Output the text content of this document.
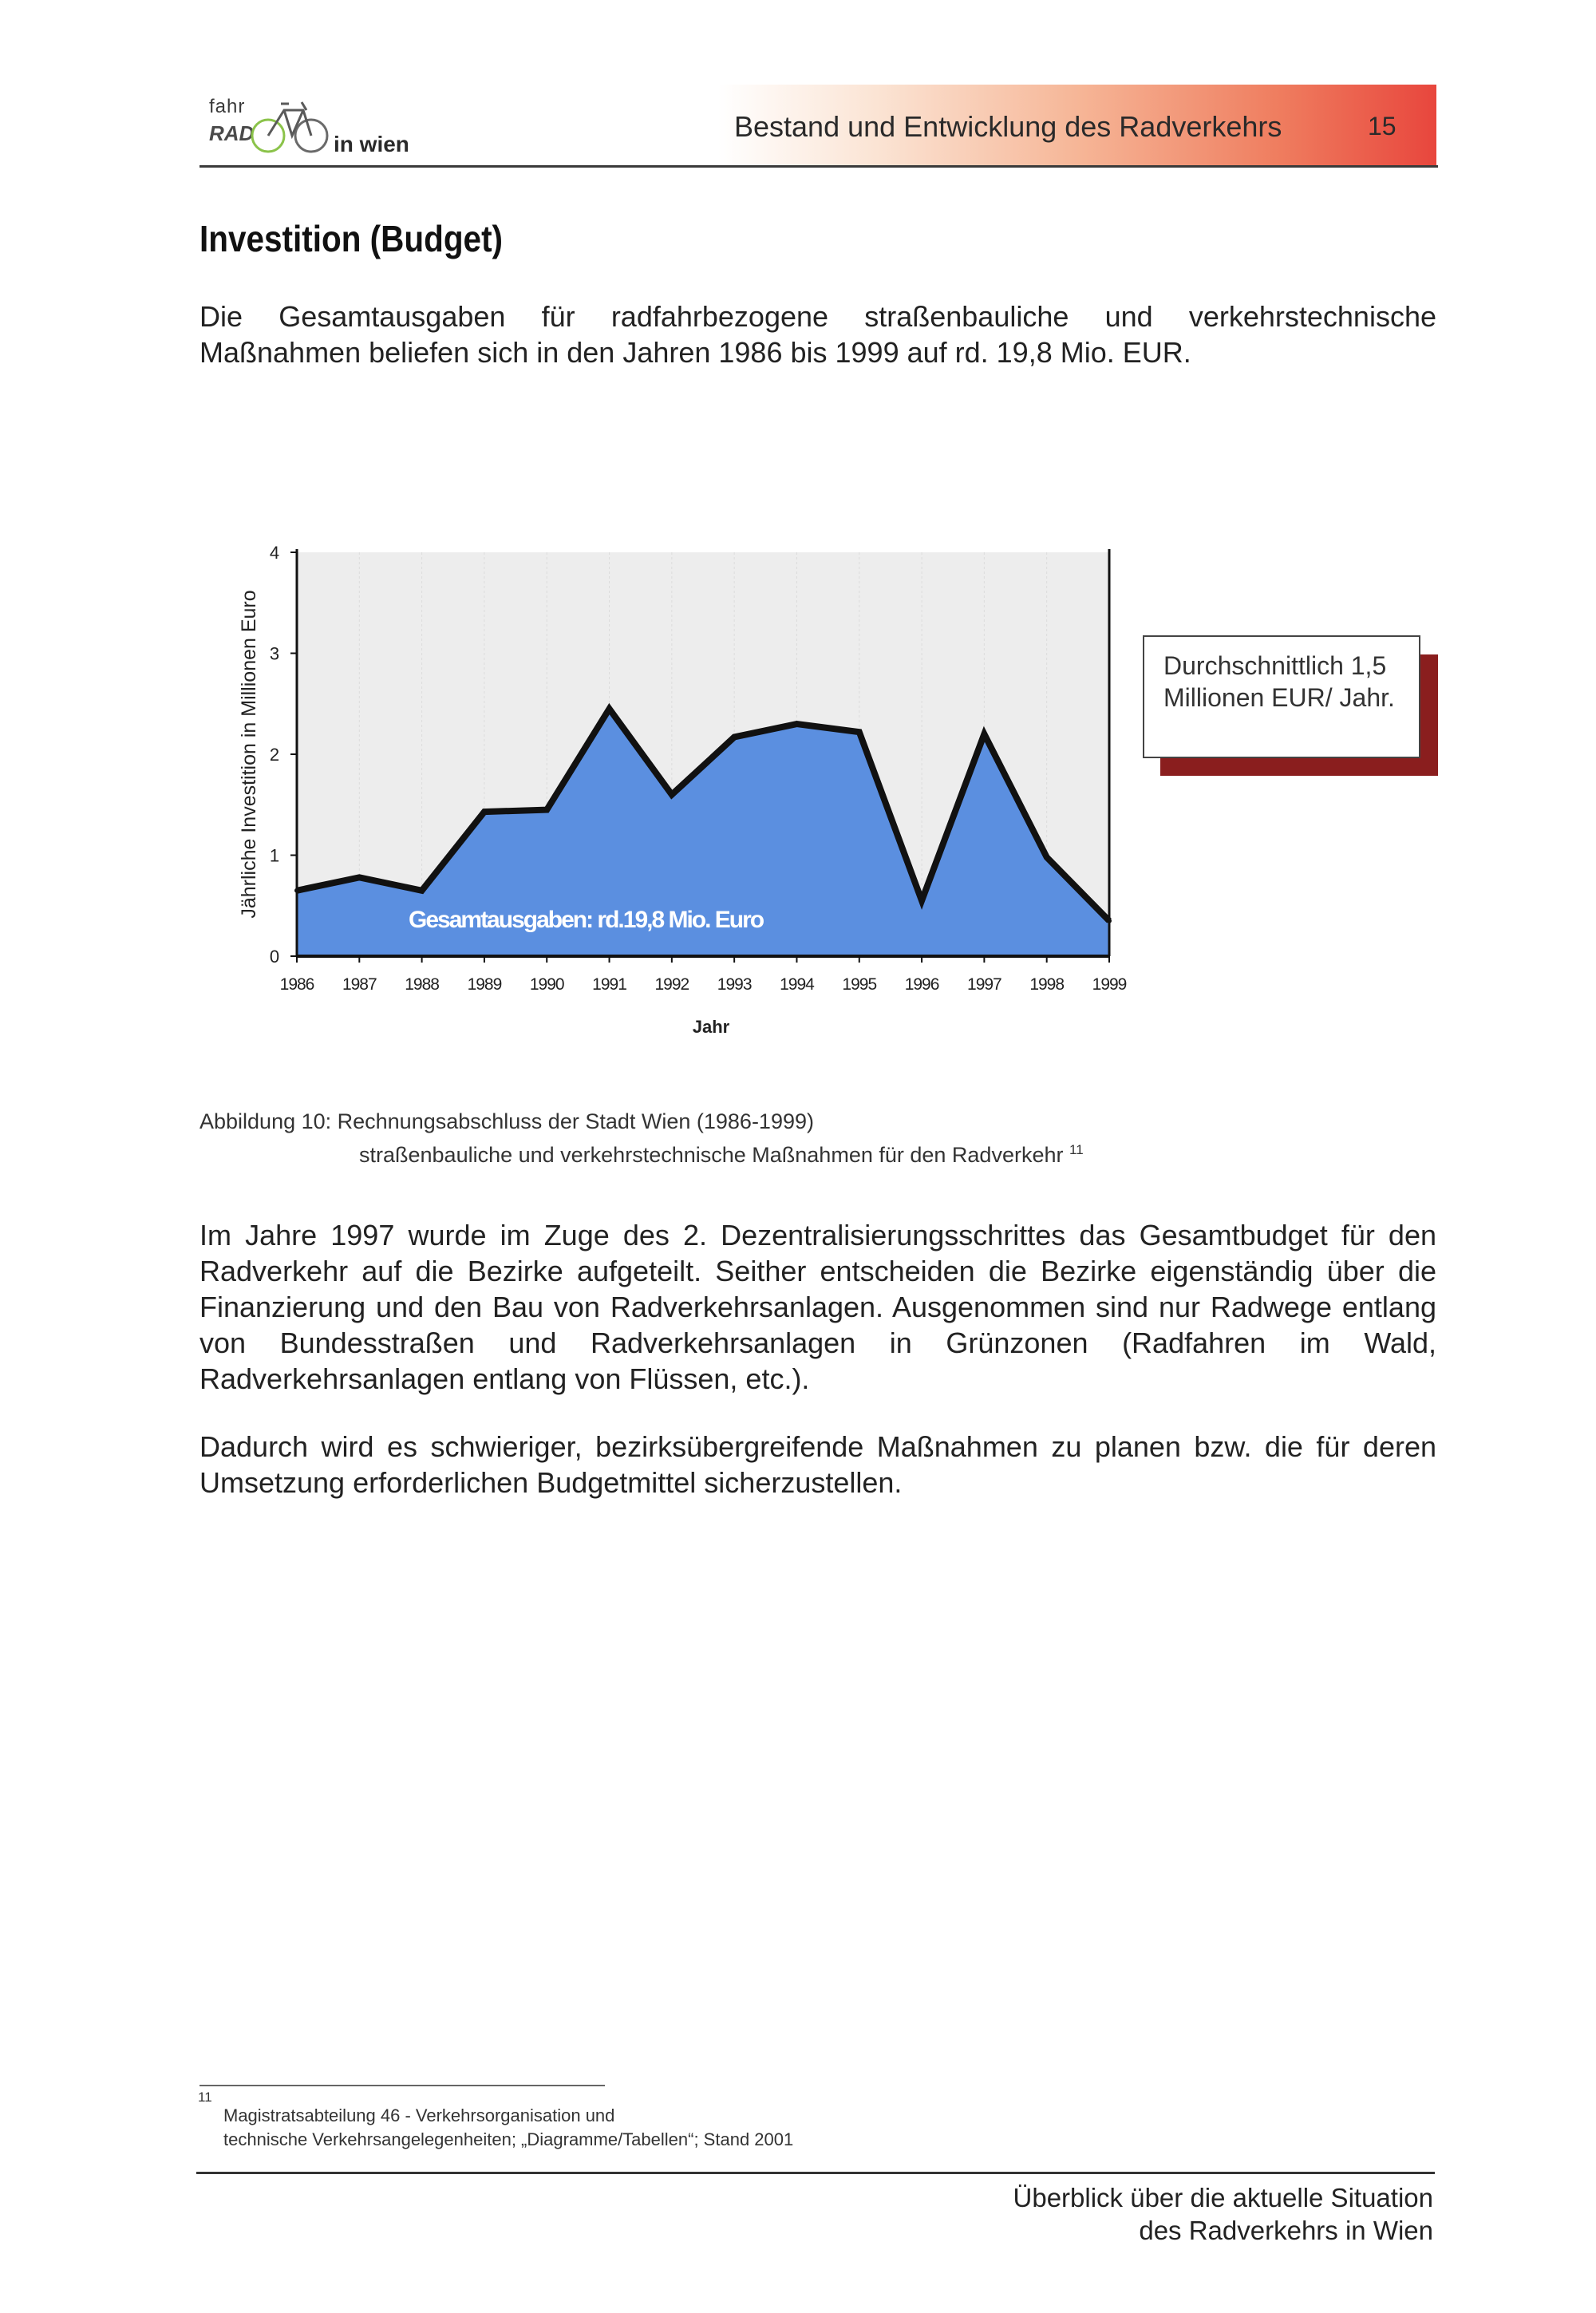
fahr
RAD	in wien
Bestand und Entwicklung des Radverkehrs	15
Investition (Budget)
Die Gesamtausgaben für radfahrbezogene straßenbauliche und verkehrstechnische Maßnahmen beliefen sich in den Jahren 1986 bis 1999 auf rd. 19,8 Mio. EUR.
0
1
2
3
4
1986 1987 1988 1989 1990 1991 1992 1993 1994 1995 1996 1997 1998 1999
Jahr
Jährliche Investition in Millionen Euro
Gesamtausgaben: rd.19,8 Mio. Euro
Durchschnittlich 1,5 Millionen EUR/ Jahr.
Abbildung 10: Rechnungsabschluss der Stadt Wien (1986-1999)
straßenbauliche und verkehrstechnische Maßnahmen für den Radverkehr $^{11}$
Im Jahre 1997 wurde im Zuge des 2. Dezentralisierungsschrittes das Gesamtbudget für den Radverkehr auf die Bezirke aufgeteilt. Seither entscheiden die Bezirke eigenständig über die Finanzierung und den Bau von Radverkehrsanlagen. Ausgenommen sind nur Radwege entlang von Bundesstraßen und Radverkehrsanlagen in Grünzonen (Radfahren im Wald, Radverkehrsanlagen entlang von Flüssen, etc.).
Dadurch wird es schwieriger, bezirksübergreifende Maßnahmen zu planen bzw. die für deren Umsetzung erforderlichen Budgetmittel sicherzustellen.
11
Magistratsabteilung 46 - Verkehrsorganisation und
technische Verkehrsangelegenheiten; „Diagramme/Tabellen“; Stand 2001
Überblick über die aktuelle Situation
des Radverkehrs in Wien
